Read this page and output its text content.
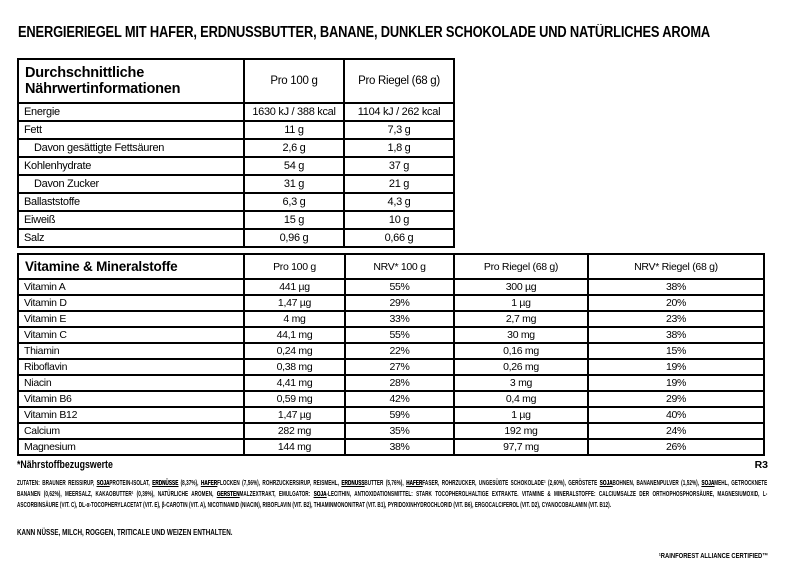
ENERGIERIEGEL MIT HAFER, ERDNUSSBUTTER, BANANE, DUNKLER SCHOKOLADE UND NATÜRLICHES AROMA
Durchschnittliche Nährwertinformationen	Pro 100 g	Pro Riegel (68 g)
Energie	1630 kJ / 388 kcal	1104 kJ / 262 kcal
Fett	11 g	7,3 g
Davon gesättigte Fettsäuren	2,6 g	1,8 g
Kohlenhydrate	54 g	37 g
Davon Zucker	31 g	21 g
Ballaststoffe	6,3 g	4,3 g
Eiweiß	15 g	10 g
Salz	0,96 g	0,66 g
Vitamine & Mineralstoffe	Pro 100 g	NRV* 100 g	Pro Riegel (68 g)	NRV* Riegel (68 g)
Vitamin A	441 µg	55%	300 µg	38%
Vitamin D	1,47 µg	29%	1 µg	20%
Vitamin E	4 mg	33%	2,7 mg	23%
Vitamin C	44,1 mg	55%	30 mg	38%
Thiamin	0,24 mg	22%	0,16 mg	15%
Riboflavin	0,38 mg	27%	0,26 mg	19%
Niacin	4,41 mg	28%	3 mg	19%
Vitamin B6	0,59 mg	42%	0,4 mg	29%
Vitamin B12	1,47 µg	59%	1 µg	40%
Calcium	282 mg	35%	192 mg	24%
Magnesium	144 mg	38%	97,7 mg	26%
*Nährstoffbezugswerte	R3

ZUTATEN: BRAUNER REISSIRUP, SOJAPROTEIN-ISOLAT, ERDNÜSSE (8,37%), HAFERFLOCKEN (7,56%), ROHRZUCKERSIRUP, REISMEHL, ERDNUSSBUTTER (5,76%), HAFERFASER, ROHRZUCKER, UNGESÜẞTE SCHOKOLADE¹ (2,60%), GERÖSTETE SOJABOHNEN, BANANENPULVER (1,52%), SOJAMEHL, GETROCKNETE BANANEN (0,62%), MEERSALZ, KAKAOBUTTER¹ (0,39%), NATÜRLICHE AROMEN, GERSTENMALZEXTRAKT, EMULGATOR: SOJA-LECITHIN, ANTIOXIDATIONSMITTEL: STARK TOCOPHEROLHALTIGE EXTRAKTE. VITAMINE & MINERALSTOFFE: CALCIUMSALZE DER ORTHOPHOSPHORSÄURE, MAGNESIUMOXID, L-ASCORBINSÄURE (VIT. C), DL-α-TOCOPHERYLACETAT (VIT. E), β-CAROTIN (VIT. A), NICOTINAMID (NIACIN), RIBOFLAVIN (VIT. B2), THIAMINMONONITRAT (VIT. B1), PYRIDOXINHYDROCHLORID (VIT. B6), ERGOCALCIFEROL (VIT. D2), CYANOCOBALAMIN (VIT. B12).

KANN NÜSSE, MILCH, ROGGEN, TRITICALE UND WEIZEN ENTHALTEN.
¹RAINFOREST ALLIANCE CERTIFIED™
